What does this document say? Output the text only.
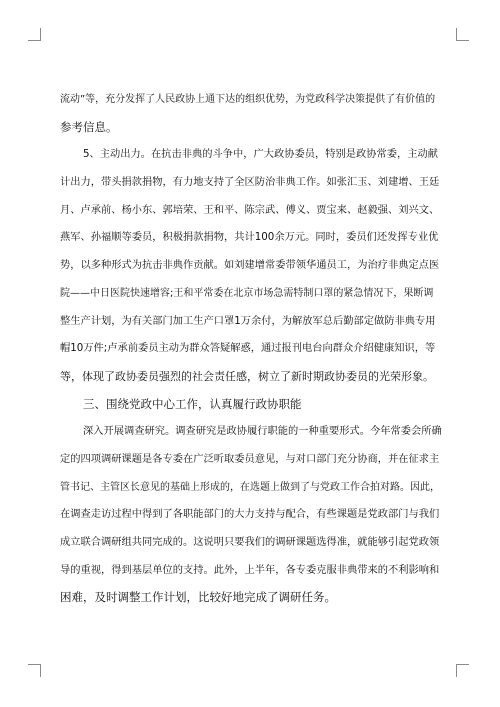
流动”等，充分发挥了人民政协上通下达的组织优势，为党政科学决策提供了有价值的
参考信息。
5、主动出力。在抗击非典的斗争中，广大政协委员，特别是政协常委，主动献
计出力，带头捐款捐物，有力地支持了全区防治非典工作。如张汇玉、刘建增、王廷
月、卢承前、杨小东、郭培荣、王和平、陈宗武、傅义、贾宝来、赵毅强、刘兴文、
燕军、孙福顺等委员，积极捐款捐物，共计100余万元。同时，委员们还发挥专业优
势，以多种形式为抗击非典作贡献。如刘建增常委带领华通员工，为治疗非典定点医
院——中日医院快速增容;王和平常委在北京市场急需特制口罩的紧急情况下，果断调
整生产计划，为有关部门加工生产口罩1万余付，为解放军总后勤部定做防非典专用
帽10万件;卢承前委员主动为群众答疑解惑，通过报刊电台向群众介绍健康知识，等
等，体现了政协委员强烈的社会责任感，树立了新时期政协委员的光荣形象。
三、围绕党政中心工作，认真履行政协职能
深入开展调查研究。调查研究是政协履行职能的一种重要形式。今年常委会所确
定的四项调研课题是各专委在广泛听取委员意见，与对口部门充分协商，并在征求主
管书记、主管区长意见的基础上形成的，在选题上做到了与党政工作合拍对路。因此，
在调查走访过程中得到了各职能部门的大力支持与配合，有些课题是党政部门与我们
成立联合调研组共同完成的。这说明只要我们的调研课题选得准，就能够引起党政领
导的重视，得到基层单位的支持。此外，上半年，各专委克服非典带来的不利影响和
困难，及时调整工作计划，比较好地完成了调研任务。
